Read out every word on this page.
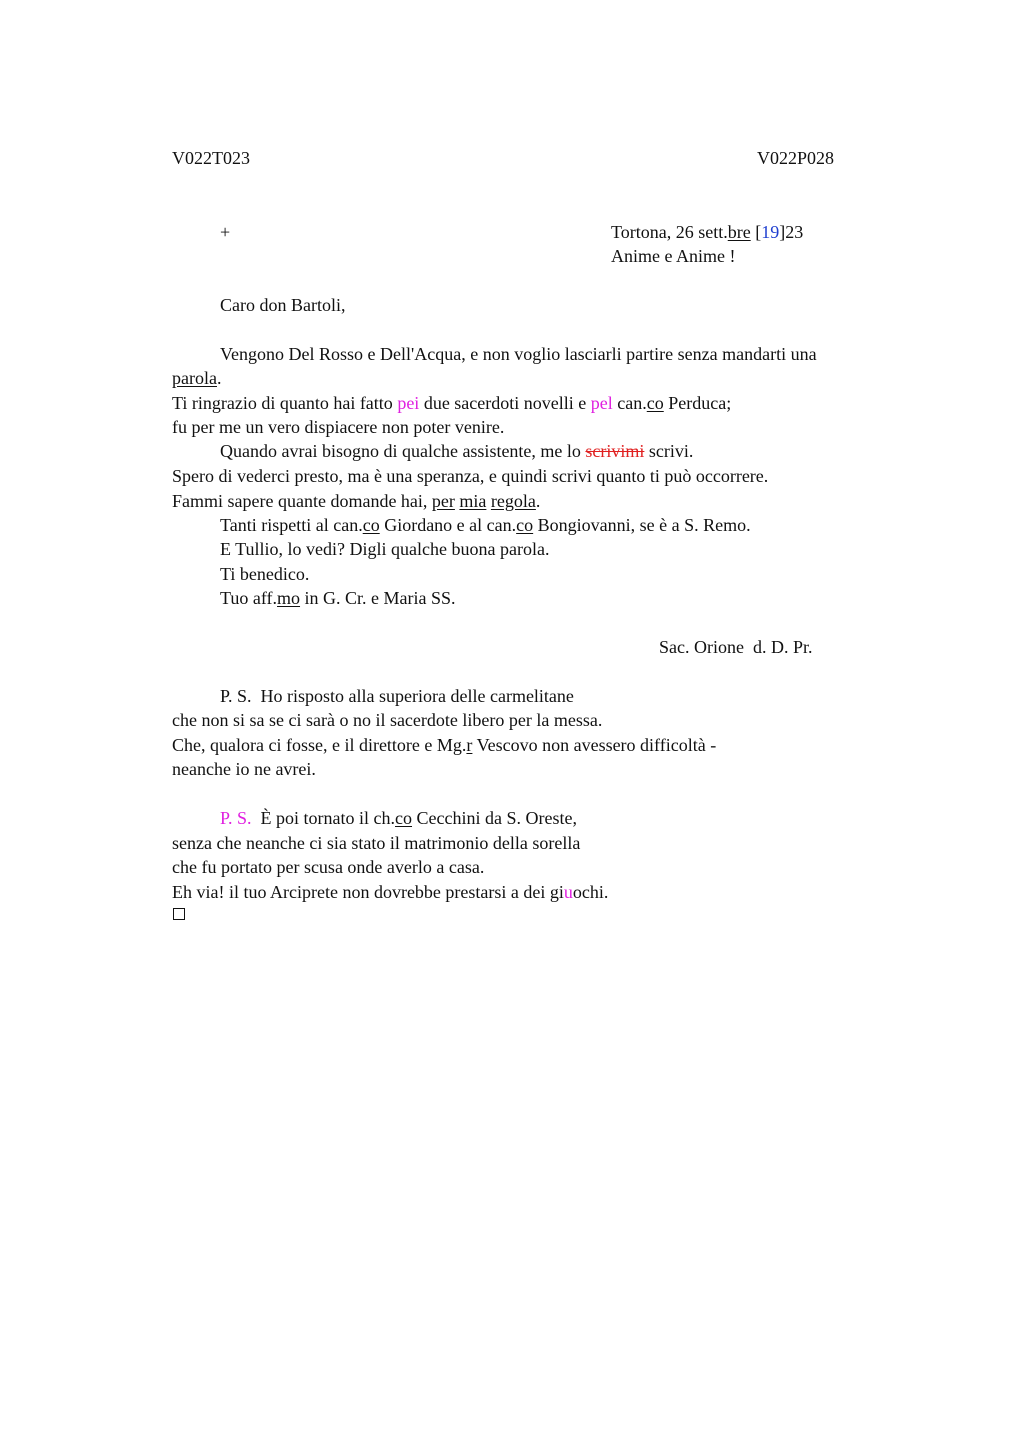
V022T023	V022P028
+	Tortona, 26 sett.bre [19]23
Anime e Anime !
Caro don Bartoli,
Vengono Del Rosso e Dell'Acqua, e non voglio lasciarli partire senza mandarti una
parola.
Ti ringrazio di quanto hai fatto pei due sacerdoti novelli e pel can.co Perduca;
fu per me un vero dispiacere non poter venire.
Quando avrai bisogno di qualche assistente, me lo scrivimi scrivi.
Spero di vederci presto, ma è una speranza, e quindi scrivi quanto ti può occorrere.
Fammi sapere quante domande hai, per mia regola.
Tanti rispetti al can.co Giordano e al can.co Bongiovanni, se è a S. Remo.
E Tullio, lo vedi? Digli qualche buona parola.
Ti benedico.
Tuo aff.mo in G. Cr. e Maria SS.
Sac. Orione  d. D. Pr.
P. S.  Ho risposto alla superiora delle carmelitane
che non si sa se ci sarà o no il sacerdote libero per la messa.
Che, qualora ci fosse, e il direttore e Mg.r Vescovo non avessero difficoltà -
neanche io ne avrei.
P. S.  È poi tornato il ch.co Cecchini da S. Oreste,
senza che neanche ci sia stato il matrimonio della sorella
che fu portato per scusa onde averlo a casa.
Eh via! il tuo Arciprete non dovrebbe prestarsi a dei giuochi.
